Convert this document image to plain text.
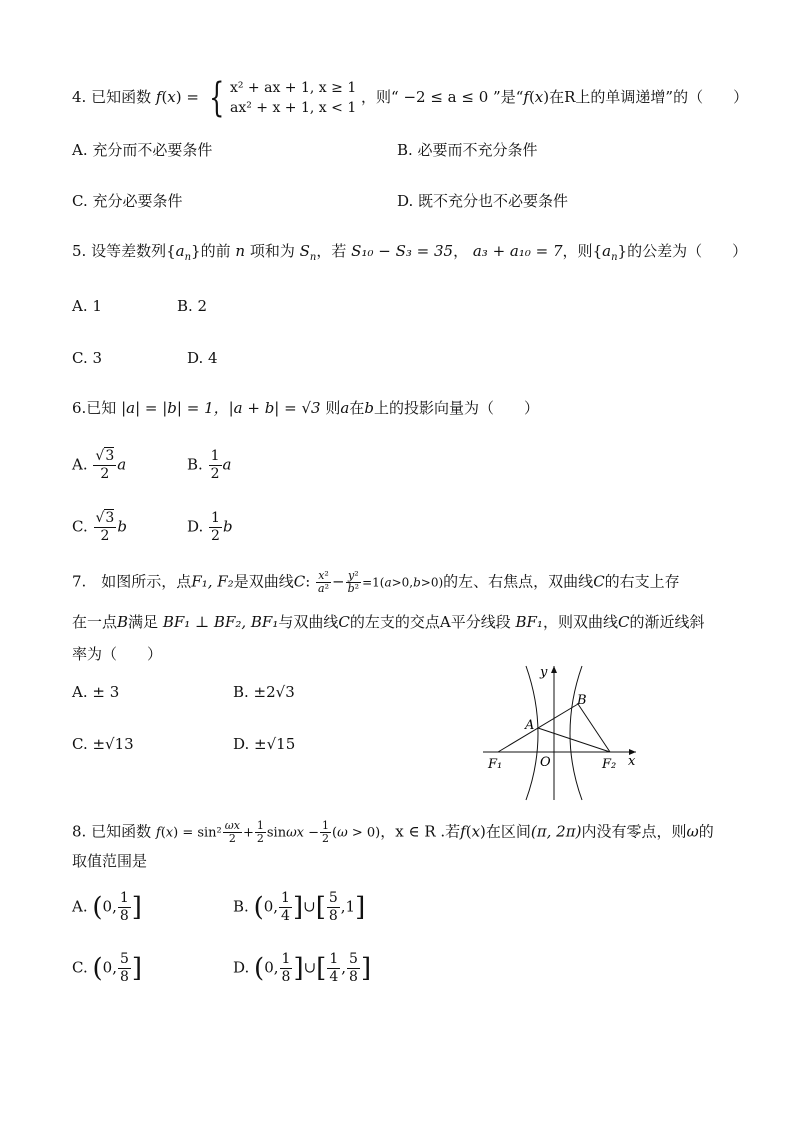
4. 已知函数 f(x) = { x² + ax + 1, x ≥ 1
ax² + x + 1, x < 1
，则“ −2 ≤ a ≤ 0 ”是“f(x)在R上的单调递增”的（　　）
A. 充分而不必要条件	B. 必要而不充分条件
C. 充分必要条件	D. 既不充分也不必要条件
5. 设等差数列$\{a_n\}$的前 n 项和为 $S_n$，若 S₁₀ − S₃ = 35， a₃ + a₁₀ = 7，则$\{a_n\}$的公差为（　　）
A. 1	B. 2
C. 3	D. 4
6.已知 |a| = |b| = 1，|a + b| = √3 则a在b上的投影向量为（　　）
A. $\frac{√3}{2}$ a	B. $\frac{1}{2}$ a
C. $\frac{√3}{2}$ b	D. $\frac{1}{2}$ b
7.　如图所示，点F₁, F₂是双曲线C: $\frac{\text{x²}}{\text{a²}} - \frac{\text{y²}}{\text{b²}} =1(a>0,b>0)$的左、右焦点，双曲线C的右支上存
在一点B满足 BF₁ ⊥ BF₂, BF₁与双曲线C的左支的交点A平分线段 BF₁，则双曲线C的渐近线斜
率为（　　）
A. ± 3	B. ±2√3
C. ±√13	D. ±√15
y
x
B
A
O
F₁	F₂
8. 已知函数 $f(x) = \sin^2 \frac{\omega x}{2} + \frac{1}{2}$ $\sin\omega x - \frac{1}{2} (\omega > 0)$，x ∈ R .若f(x)在区间(π, 2π)内没有零点，则ω的
取值范围是
A. (0, $\frac{1}{8}$ ]	B. (0, $\frac{1}{4}$ ]∪[ $\frac{5}{8} ,1$]
C. (0, $\frac{5}{8}$ ]	D. (0, $\frac{1}{8}$ ]∪[ $\frac{1}{4}$ , $\frac{5}{8}$ ]
